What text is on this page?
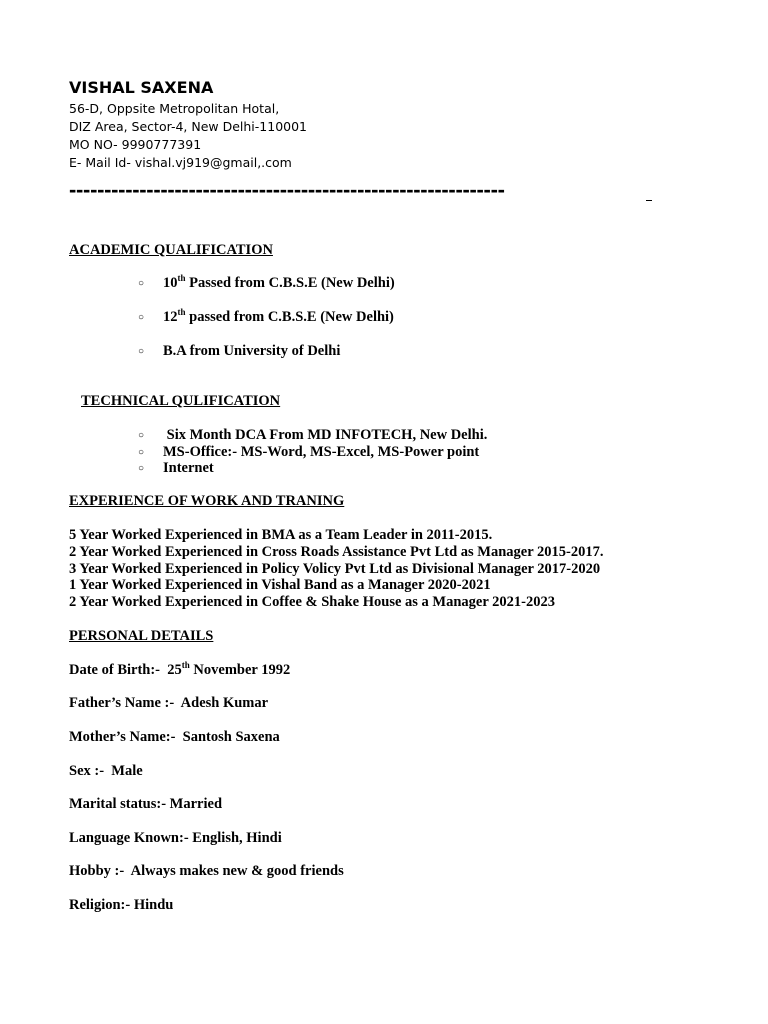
VISHAL SAXENA
56-D, Oppsite Metropolitan Hotal,
DIZ Area, Sector-4, New Delhi-110001
MO NO- 9990777391
E- Mail Id- vishal.vj919@gmail,.com
--------------------------------------------------------------
ACADEMIC QUALIFICATION
○ 10th Passed from C.B.S.E (New Delhi)
○ 12th passed from C.B.S.E (New Delhi)
○ B.A from University of Delhi
TECHNICAL QULIFICATION
○ Six Month DCA From MD INFOTECH, New Delhi.
○ MS-Office:- MS-Word, MS-Excel, MS-Power point
○ Internet
EXPERIENCE OF WORK AND TRANING
5 Year Worked Experienced in BMA as a Team Leader in 2011-2015.
2 Year Worked Experienced in Cross Roads Assistance Pvt Ltd as Manager 2015-2017.
3 Year Worked Experienced in Policy Volicy Pvt Ltd as Divisional Manager 2017-2020
1 Year Worked Experienced in Vishal Band as a Manager 2020-2021
2 Year Worked Experienced in Coffee & Shake House as a Manager 2021-2023
PERSONAL DETAILS
Date of Birth:-  25th November 1992
Father’s Name :-  Adesh Kumar
Mother’s Name:-  Santosh Saxena
Sex :-  Male
Marital status:- Married
Language Known:- English, Hindi
Hobby :-  Always makes new & good friends
Religion:- Hindu
